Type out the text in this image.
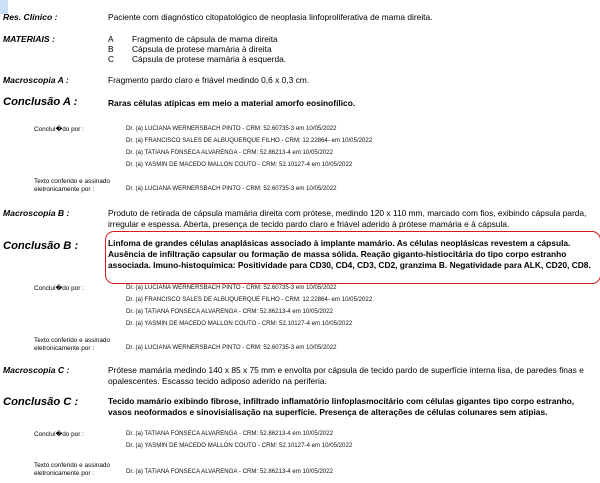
Res. Clínico :	Paciente com diagnóstico citopatológico de neoplasia linfoproliferativa de mama direita.
MATERIAIS :	A Fragmento de cápsula de mama direita
B Cápsula de protese mamária à direita
C Cápsula de protese mamária à esquerda.
Macroscopia A :	Fragmento pardo claro e friável medindo 0,6 x 0,3 cm.
Conclusão A :	Raras células atípicas em meio a material amorfo eosinofílico.
Concluí�do por :	Dr. (a) LUCIANA WERNERSBACH PINTO - CRM: 52.60735-3 em 10/05/2022
Dr. (a) FRANCISCO SALES DE ALBUQUERQUE FILHO - CRM: 12.22864- em 10/05/2022
Dr. (a) TATIANA FONSECA ALVARENGA - CRM: 52.86213-4 em 10/05/2022
Dr. (a) YASMIN DE MACEDO MALLON COUTO - CRM: 52.10127-4 em 10/05/2022
Texto conferido e assinado
eletronicamente por :	Dr. (a) LUCIANA WERNERSBACH PINTO - CRM: 52.60735-3 em 10/05/2022
Macroscopia B :	Produto de retirada de cápsula mamária direita com prótese, medindo 120 x 110 mm, marcado com fios, exibindo cápsula parda,
irregular e espessa. Aberta, presença de tecido pardo claro e friável aderido à prótese mamária e à cápsula.
Conclusão B :	Linfoma de grandes células anaplásicas associado à implante mamário. As células neoplásicas revestem a cápsula.
Ausência de infiltração capsular ou formação de massa sólida. Reação giganto-histiocitária do tipo corpo estranho
associada. Imuno-histoquímica: Positividade para CD30, CD4, CD3, CD2, granzima B. Negatividade para ALK, CD20, CD8.
Concluí�do por :	Dr. (a) LUCIANA WERNERSBACH PINTO - CRM: 52.60735-3 em 10/05/2022
Dr. (a) FRANCISCO SALES DE ALBUQUERQUE FILHO - CRM: 12.22864- em 10/05/2022
Dr. (a) TATIANA FONSECA ALVARENGA - CRM: 52.86213-4 em 10/05/2022
Dr. (a) YASMIN DE MACEDO MALLON COUTO - CRM: 52.10127-4 em 10/05/2022
Texto conferido e assinado
eletronicamente por :	Dr. (a) LUCIANA WERNERSBACH PINTO - CRM: 52.60735-3 em 10/05/2022
Macroscopia C :	Prótese mamária medindo 140 x 85 x 75 mm e envolta por cápsula de tecido pardo de superfície interna lisa, de paredes finas e
opalescentes. Escasso tecido adiposo aderido na periferia.
Conclusão C :	Tecido mamário exibindo fibrose, infiltrado inflamatório linfoplasmocitário com células gigantes tipo corpo estranho,
vasos neoformados e sinovisialisação na superfície. Presença de alterações de células colunares sem atipias.
Concluí�do por :	Dr. (a) TATIANA FONSECA ALVARENGA - CRM: 52.86213-4 em 10/05/2022
Dr. (a) YASMIN DE MACEDO MALLON COUTO - CRM: 52.10127-4 em 10/05/2022
Texto conferido e assinado
eletronicamente por :	Dr. (a) TATIANA FONSECA ALVARENGA - CRM: 52.86213-4 em 10/05/2022
